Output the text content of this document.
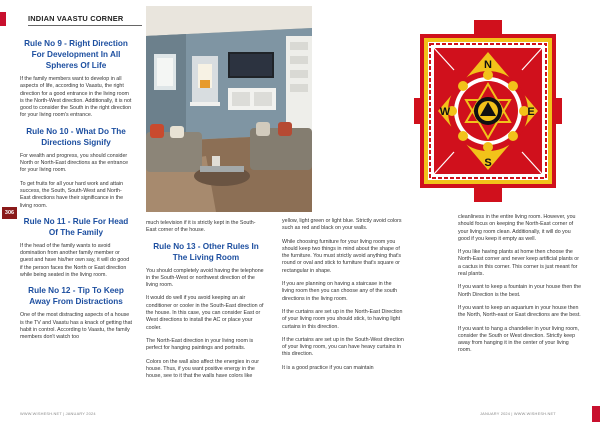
INDIAN VAASTU CORNER
306
Rule No 9 - Right Direction For Development In All Spheres Of Life

If the family members want to develop in all aspects of life, according to Vaastu, the right direction for a good entrance in the living room is the North-West direction. Additionally, it is not good to consider the South in the right direction for your living room's entrance.

Rule No 10 - What Do The Directions Signify

For wealth and progress, you should consider North or North-East directions as the entrance for your living room.

To get fruits for all your hard work and attain success, the South, South-West and North-East directions have their significance in the living room.

Rule No 11 - Rule For Head Of The Family

If the head of the family wants to avoid domination from another family member or guest and have his/her own say, it will do good if the person faces the North or East direction while being seated in the living room.

Rule No 12 - Tip To Keep Away From Distractions

One of the most distracting aspects of a house is the TV and Vaastu has a knack of getting that habit in control. According to Vaastu, the family members don't watch too

N
S
W	E

much television if it is strictly kept in the South-East corner of the house.

Rule No 13 - Other Rules In The Living Room

You should completely avoid having the telephone in the South-West or northwest direction of the living room.

It would do well if you avoid keeping an air conditioner or cooler in the South-East direction of the house. In this case, you can consider East or West directions to install the AC or place your cooler.

The North-East direction in your living room is perfect for hanging paintings and portraits.

Colors on the wall also affect the energies in our house. Thus, if you want positive energy in the house, see to it that the walls have colors like

yellow, light green or light blue. Strictly avoid colors such as red and black on your walls.

While choosing furniture for your living room you should keep two things in mind about the shape of the furniture. You must strictly avoid anything that's round or oval and stick to furniture that's square or rectangular in shape.

If you are planning on having a staircase in the living room then you can choose any of the south directions in the living room.

If the curtains are set up in the North-East Direction of your living room you should stick, to having light curtains in this direction.

If the curtains are set up in the South-West direction of your living room, you can have heavy curtains in this direction.

It is a good practice if you can maintain

cleanliness in the entire living room. However, you should focus on keeping the North-East corner of your living room clean. Additionally, it will do you good if you keep it empty as well.

If you like having plants at home then choose the North-East corner and never keep artificial plants or a cactus in this corner. This corner is just meant for real plants.

If you want to keep a fountain in your house then the North Direction is the best.

If you want to keep an aquarium in your house then the North, North-east or East directions are the best.

If you want to hang a chandelier in your living room, consider the South or West direction. Strictly keep away from hanging it in the center of your living room.

WWW.WISHESH.NET | JANUARY 2024	JANUARY 2024 | WWW.WISHESH.NET
